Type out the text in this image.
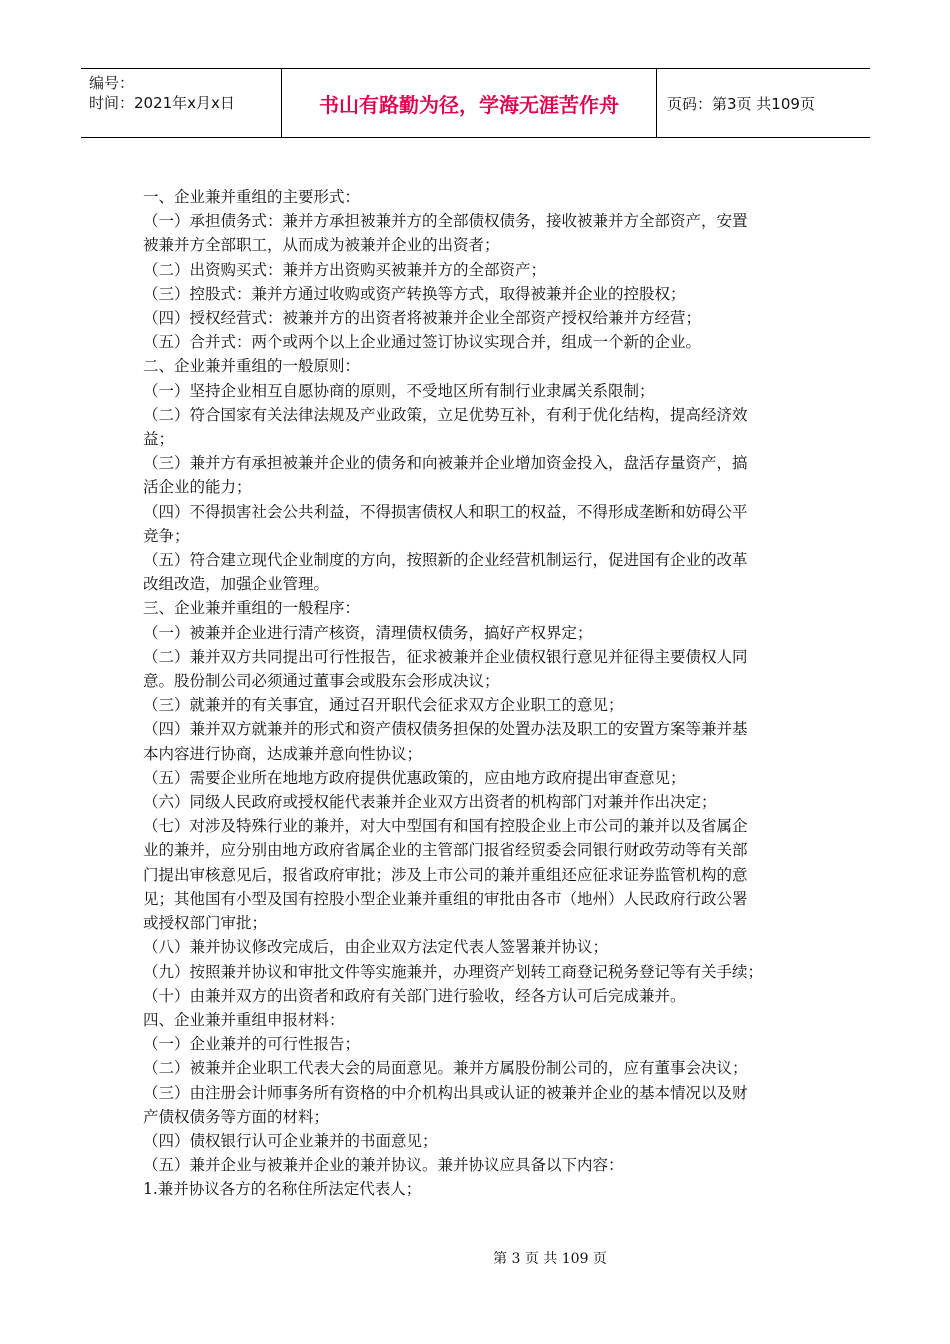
编号：
时间：2021年x月x日	书山有路勤为径，学海无涯苦作舟	页码：第3页 共109页
一、企业兼并重组的主要形式：
（一）承担债务式：兼并方承担被兼并方的全部债权债务，接收被兼并方全部资产，安置
被兼并方全部职工，从而成为被兼并企业的出资者；
（二）出资购买式：兼并方出资购买被兼并方的全部资产；
（三）控股式：兼并方通过收购或资产转换等方式，取得被兼并企业的控股权；
（四）授权经营式：被兼并方的出资者将被兼并企业全部资产授权给兼并方经营；
（五）合并式：两个或两个以上企业通过签订协议实现合并，组成一个新的企业。
二、企业兼并重组的一般原则：
（一）坚持企业相互自愿协商的原则，不受地区所有制行业隶属关系限制；
（二）符合国家有关法律法规及产业政策，立足优势互补，有利于优化结构，提高经济效
益；
（三）兼并方有承担被兼并企业的债务和向被兼并企业增加资金投入，盘活存量资产，搞
活企业的能力；
（四）不得损害社会公共利益，不得损害债权人和职工的权益，不得形成垄断和妨碍公平
竞争；
（五）符合建立现代企业制度的方向，按照新的企业经营机制运行，促进国有企业的改革
改组改造，加强企业管理。
三、企业兼并重组的一般程序：
（一）被兼并企业进行清产核资，清理债权债务，搞好产权界定；
（二）兼并双方共同提出可行性报告，征求被兼并企业债权银行意见并征得主要债权人同
意。股份制公司必须通过董事会或股东会形成决议；
（三）就兼并的有关事宜，通过召开职代会征求双方企业职工的意见；
（四）兼并双方就兼并的形式和资产债权债务担保的处置办法及职工的安置方案等兼并基
本内容进行协商，达成兼并意向性协议；
（五）需要企业所在地地方政府提供优惠政策的，应由地方政府提出审查意见；
（六）同级人民政府或授权能代表兼并企业双方出资者的机构部门对兼并作出决定；
（七）对涉及特殊行业的兼并，对大中型国有和国有控股企业上市公司的兼并以及省属企
业的兼并，应分别由地方政府省属企业的主管部门报省经贸委会同银行财政劳动等有关部
门提出审核意见后，报省政府审批；涉及上市公司的兼并重组还应征求证券监管机构的意
见；其他国有小型及国有控股小型企业兼并重组的审批由各市（地州）人民政府行政公署
或授权部门审批；
（八）兼并协议修改完成后，由企业双方法定代表人签署兼并协议；
（九）按照兼并协议和审批文件等实施兼并，办理资产划转工商登记税务登记等有关手续；
（十）由兼并双方的出资者和政府有关部门进行验收，经各方认可后完成兼并。
四、企业兼并重组申报材料：
（一）企业兼并的可行性报告；
（二）被兼并企业职工代表大会的局面意见。兼并方属股份制公司的，应有董事会决议；
（三）由注册会计师事务所有资格的中介机构出具或认证的被兼并企业的基本情况以及财
产债权债务等方面的材料；
（四）债权银行认可企业兼并的书面意见；
（五）兼并企业与被兼并企业的兼并协议。兼并协议应具备以下内容：
1.兼并协议各方的名称住所法定代表人；
第 3 页 共 109 页
